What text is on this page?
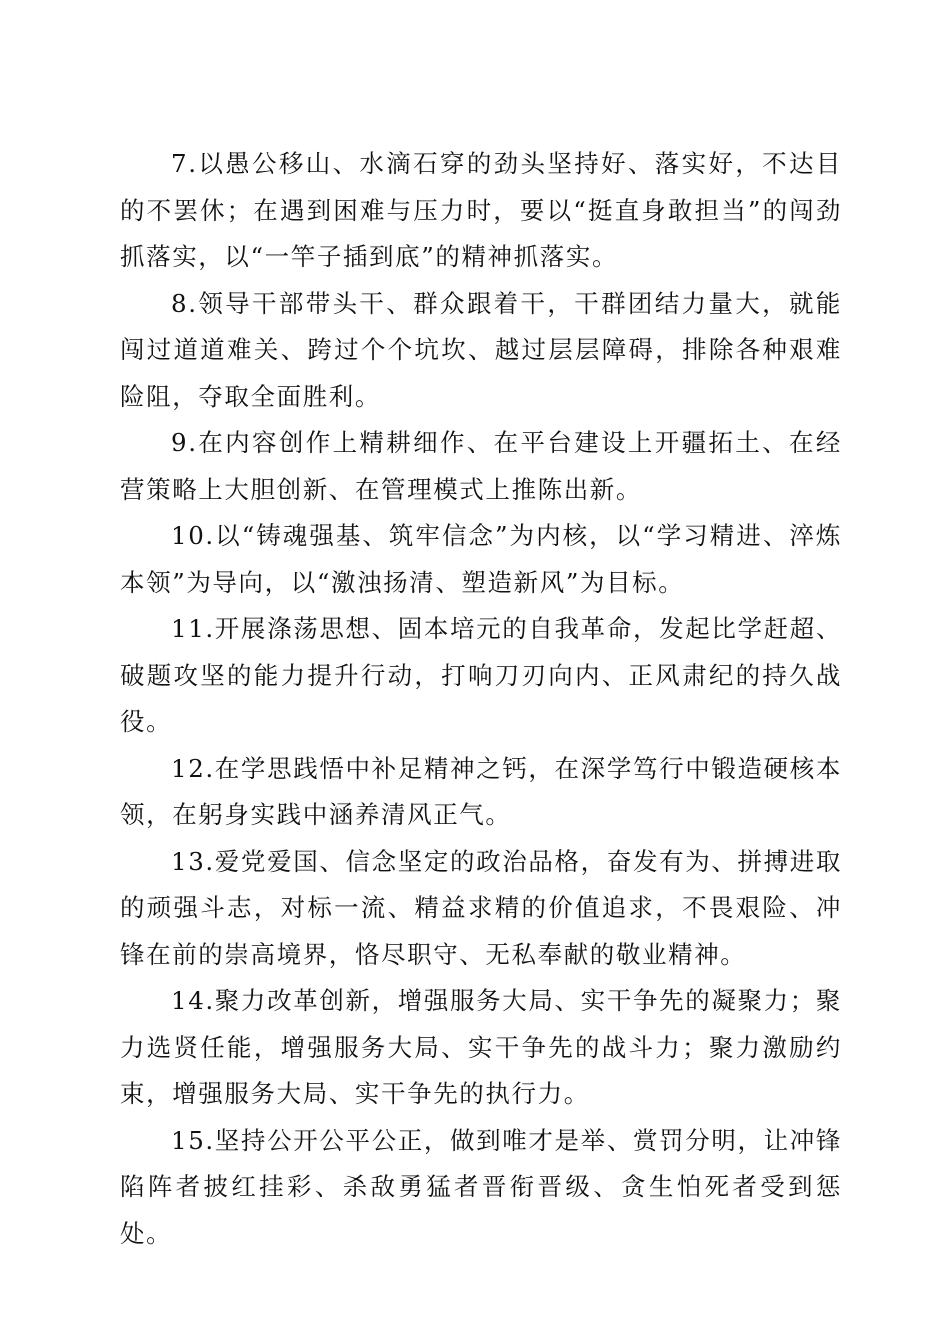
7.以愚公移山、水滴石穿的劲头坚持好、落实好，不达目的不罢休；在遇到困难与压力时，要以“挺直身敢担当”的闯劲抓落实，以“一竿子插到底”的精神抓落实。

8.领导干部带头干、群众跟着干，干群团结力量大，就能闯过道道难关、跨过个个坑坎、越过层层障碍，排除各种艰难险阻，夺取全面胜利。

9.在内容创作上精耕细作、在平台建设上开疆拓土、在经营策略上大胆创新、在管理模式上推陈出新。

10.以“铸魂强基、筑牢信念”为内核，以“学习精进、淬炼本领”为导向，以“激浊扬清、塑造新风”为目标。

11.开展涤荡思想、固本培元的自我革命，发起比学赶超、破题攻坚的能力提升行动，打响刀刃向内、正风肃纪的持久战役。

12.在学思践悟中补足精神之钙，在深学笃行中锻造硬核本领，在躬身实践中涵养清风正气。

13.爱党爱国、信念坚定的政治品格，奋发有为、拼搏进取的顽强斗志，对标一流、精益求精的价值追求，不畏艰险、冲锋在前的崇高境界，恪尽职守、无私奉献的敬业精神。

14.聚力改革创新，增强服务大局、实干争先的凝聚力；聚力选贤任能，增强服务大局、实干争先的战斗力；聚力激励约束，增强服务大局、实干争先的执行力。

15.坚持公开公平公正，做到唯才是举、赏罚分明，让冲锋陷阵者披红挂彩、杀敌勇猛者晋衔晋级、贪生怕死者受到惩处。
